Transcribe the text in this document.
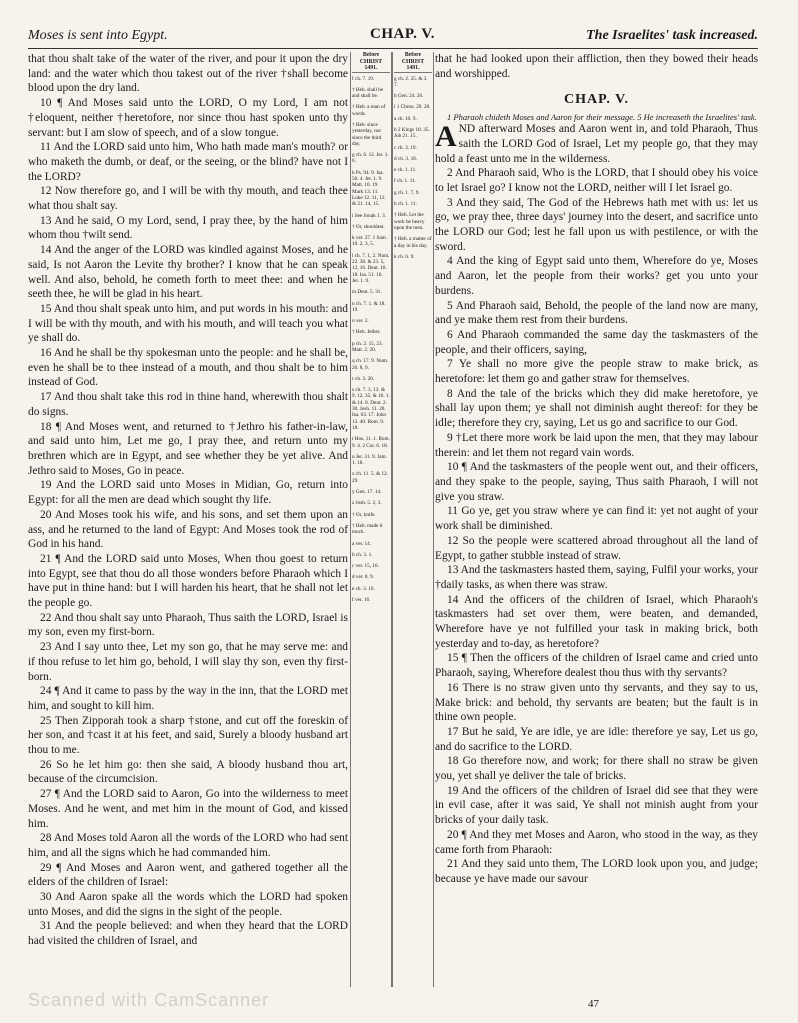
Moses is sent into Egypt.	CHAP. V.	The Israelites' task increased.

that thou shalt take of the water of the river, and pour it upon the dry land: and the water which thou takest out of the river †shall become blood upon the dry land.

10 ¶ And Moses said unto the LORD, O my Lord, I am not †eloquent, neither †heretofore, nor since thou hast spoken unto thy servant: but I am slow of speech, and of a slow tongue.

11 And the LORD said unto him, Who hath made man's mouth? or who maketh the dumb, or deaf, or the seeing, or the blind? have not I the LORD?

12 Now therefore go, and I will be with thy mouth, and teach thee what thou shalt say.

13 And he said, O my Lord, send, I pray thee, by the hand of him whom thou †wilt send.

14 And the anger of the LORD was kindled against Moses, and he said, Is not Aaron the Levite thy brother? I know that he can speak well. And also, behold, he cometh forth to meet thee: and when he seeth thee, he will be glad in his heart.

15 And thou shalt speak unto him, and put words in his mouth: and I will be with thy mouth, and with his mouth, and will teach you what ye shall do.

16 And he shall be thy spokesman unto the people: and he shall be, even he shall be to thee instead of a mouth, and thou shalt be to him instead of God.

17 And thou shalt take this rod in thine hand, wherewith thou shalt do signs.

18 ¶ And Moses went, and returned to †Jethro his father-in-law, and said unto him, Let me go, I pray thee, and return unto my brethren which are in Egypt, and see whether they be yet alive. And Jethro said to Moses, Go in peace.

19 And the LORD said unto Moses in Midian, Go, return into Egypt: for all the men are dead which sought thy life.

20 And Moses took his wife, and his sons, and set them upon an ass, and he returned to the land of Egypt: And Moses took the rod of God in his hand.

21 ¶ And the LORD said unto Moses, When thou goest to return into Egypt, see that thou do all those wonders before Pharaoh which I have put in thine hand: but I will harden his heart, that he shall not let the people go.

22 And thou shalt say unto Pharaoh, Thus saith the LORD, Israel is my son, even my first-born.

23 And I say unto thee, Let my son go, that he may serve me: and if thou refuse to let him go, behold, I will slay thy son, even thy first-born.

24 ¶ And it came to pass by the way in the inn, that the LORD met him, and sought to kill him.

25 Then Zipporah took a sharp †stone, and cut off the foreskin of her son, and †cast it at his feet, and said, Surely a bloody husband art thou to me.

26 So he let him go: then she said, A bloody husband thou art, because of the circumcision.

27 ¶ And the LORD said to Aaron, Go into the wilderness to meet Moses. And he went, and met him in the mount of God, and kissed him.

28 And Moses told Aaron all the words of the LORD who had sent him, and all the signs which he had commanded him.

29 ¶ And Moses and Aaron went, and gathered together all the elders of the children of Israel:

30 And Aaron spake all the words which the LORD had spoken unto Moses, and did the signs in the sight of the people.

31 And the people believed: and when they heard that the LORD had visited the children of Israel, and

Before
CHRIST
1491.
f ch. 7. 19.
† Heb. shall be and shall be.
† Heb. a man of words.
† Heb. since yesterday, nor since the third day.
g ch. 6. 12. Jer. 1. 6.
h Ps. 94. 9. Isa. 50. 4. Jer. 1. 9. Matt. 10. 19. Mark 13. 11. Luke 12. 11, 12. & 21. 14, 15.
i See Jonah 1. 3.
† Or, shouldest.
k ver. 27. 1 Sam. 10. 2, 3, 5.
l ch. 7. 1, 2. Num. 22. 38. & 23. 5, 12, 16. Deut. 18. 18. Isa. 51. 16. Jer. 1. 9.
m Deut. 5. 31.
n ch. 7. 1. & 18. 19.
o ver. 2.
† Heb. Jether.
p ch. 2. 15, 23. Matt. 2. 20.
q ch. 17. 9. Num. 20. 8, 9.
r ch. 3. 20.
s ch. 7. 3, 13. & 9. 12, 35. & 10. 1. & 14. 8. Deut. 2. 30. Josh. 11. 20. Isa. 63. 17. John 12. 40. Rom. 9. 18.
t Hos. 11. 1. Rom. 9. 4. 2 Cor. 6. 18.
u Jer. 31. 9. Jam. 1. 18.
x ch. 11. 5. & 12. 29.
y Gen. 17. 14.
z Josh. 5. 2, 3.
† Or, knife.
† Heb. made it touch.
a ver. 14.
b ch. 3. 1.
c ver. 15, 16.
d ver. 8, 9.
e ch. 3. 16.
f ver. 16.
Before
CHRIST
1491.
g ch. 2. 25. & 3. 7.
h Gen. 24. 26.
i 1 Chron. 29. 20.
a ch. 10. 9.
b 2 Kings 18. 35. Job 21. 15.
c ch. 3. 19.
d ch. 3. 18.
e ch. 1. 11.
f ch. 1. 11.
g ch. 1. 7, 9.
h ch. 1. 11.
† Heb. Let the work be heavy upon the men.
† Heb. a matter of a day in his day.
k ch. 6. 9.

that he had looked upon their affliction, then they bowed their heads and worshipped.

CHAP. V.

1 Pharaoh chideth Moses and Aaron for their message. 5 He increaseth the Israelites' task.

A ND afterward Moses and Aaron went in, and told Pharaoh, Thus saith the LORD God of Israel, Let my people go, that they may hold a feast unto me in the wilderness.

2 And Pharaoh said, Who is the LORD, that I should obey his voice to let Israel go? I know not the LORD, neither will I let Israel go.

3 And they said, The God of the Hebrews hath met with us: let us go, we pray thee, three days' journey into the desert, and sacrifice unto the LORD our God; lest he fall upon us with pestilence, or with the sword.

4 And the king of Egypt said unto them, Wherefore do ye, Moses and Aaron, let the people from their works? get you unto your burdens.

5 And Pharaoh said, Behold, the people of the land now are many, and ye make them rest from their burdens.

6 And Pharaoh commanded the same day the taskmasters of the people, and their officers, saying,

7 Ye shall no more give the people straw to make brick, as heretofore: let them go and gather straw for themselves.

8 And the tale of the bricks which they did make heretofore, ye shall lay upon them; ye shall not diminish aught thereof: for they be idle; therefore they cry, saying, Let us go and sacrifice to our God.

9 †Let there more work be laid upon the men, that they may labour therein: and let them not regard vain words.

10 ¶ And the taskmasters of the people went out, and their officers, and they spake to the people, saying, Thus saith Pharaoh, I will not give you straw.

11 Go ye, get you straw where ye can find it: yet not aught of your work shall be diminished.

12 So the people were scattered abroad throughout all the land of Egypt, to gather stubble instead of straw.

13 And the taskmasters hasted them, saying, Fulfil your works, your †daily tasks, as when there was straw.

14 And the officers of the children of Israel, which Pharaoh's taskmasters had set over them, were beaten, and demanded, Wherefore have ye not fulfilled your task in making brick, both yesterday and to-day, as heretofore?

15 ¶ Then the officers of the children of Israel came and cried unto Pharaoh, saying, Wherefore dealest thou thus with thy servants?

16 There is no straw given unto thy servants, and they say to us, Make brick: and behold, thy servants are beaten; but the fault is in thine own people.

17 But he said, Ye are idle, ye are idle: therefore ye say, Let us go, and do sacrifice to the LORD.

18 Go therefore now, and work; for there shall no straw be given you, yet shall ye deliver the tale of bricks.

19 And the officers of the children of Israel did see that they were in evil case, after it was said, Ye shall not minish aught from your bricks of your daily task.

20 ¶ And they met Moses and Aaron, who stood in the way, as they came forth from Pharaoh:

21 And they said unto them, The LORD look upon you, and judge; because ye have made our savour

47
Scanned with CamScanner
